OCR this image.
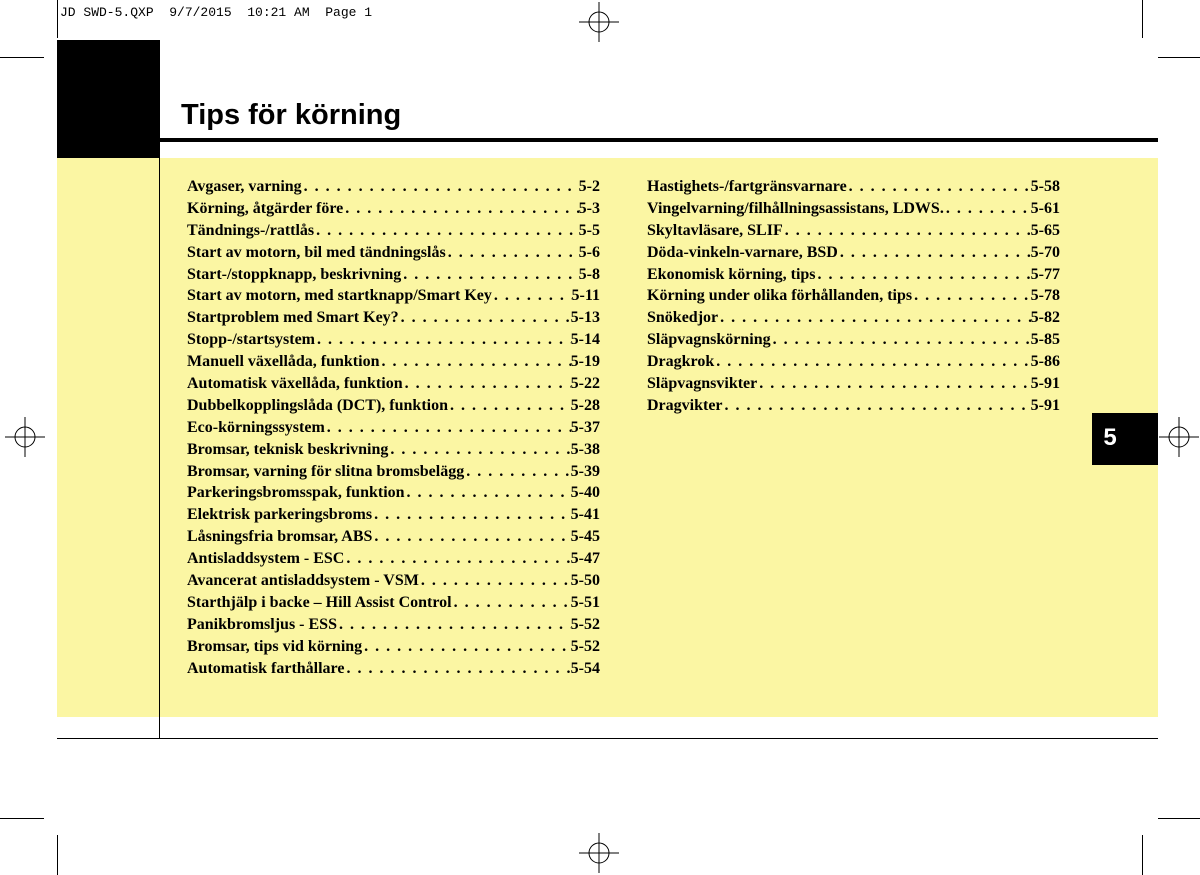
JD SWD-5.QXP  9/7/2015  10:21 AM  Page 1
Tips för körning
Avgaser, varning . . .	5-2
Körning, åtgärder före . . .	5-3
Tändnings-/rattlås . . .	5-5
Start av motorn, bil med tändningslås . . .	5-6
Start-/stoppknapp, beskrivning . . .	5-8
Start av motorn, med startknapp/Smart Key . . .	5-11
Startproblem med Smart Key? . . .	5-13
Stopp-/startsystem . . .	5-14
Manuell växellåda, funktion . . .	5-19
Automatisk växellåda, funktion . . .	5-22
Dubbelkopplingslåda (DCT), funktion . . .	5-28
Eco-körningssystem . . .	5-37
Bromsar, teknisk beskrivning . . .	5-38
Bromsar, varning för slitna bromsbelägg . . .	5-39
Parkeringsbromsspak, funktion . . .	5-40
Elektrisk parkeringsbroms . . .	5-41
Låsningsfria bromsar, ABS . . .	5-45
Antisladdsystem - ESC . . .	5-47
Avancerat antisladdsystem - VSM . . .	5-50
Starthjälp i backe – Hill Assist Control . . .	5-51
Panikbromsljus - ESS . . .	5-52
Bromsar, tips vid körning . . .	5-52
Automatisk farthållare . . .	5-54
Hastighets-/fartgränsvarnare . . .	5-58
Vingelvarning/filhållningsassistans, LDWS. . . .	5-61
Skyltavläsare, SLIF . . .	5-65
Döda-vinkeln-varnare, BSD . . .	5-70
Ekonomisk körning, tips . . .	5-77
Körning under olika förhållanden, tips . . .	5-78
Snökedjor . . .	5-82
Släpvagnskörning . . .	5-85
Dragkrok . . .	5-86
Släpvagnsvikter . . .	5-91
Dragvikter . . .	5-91
5
